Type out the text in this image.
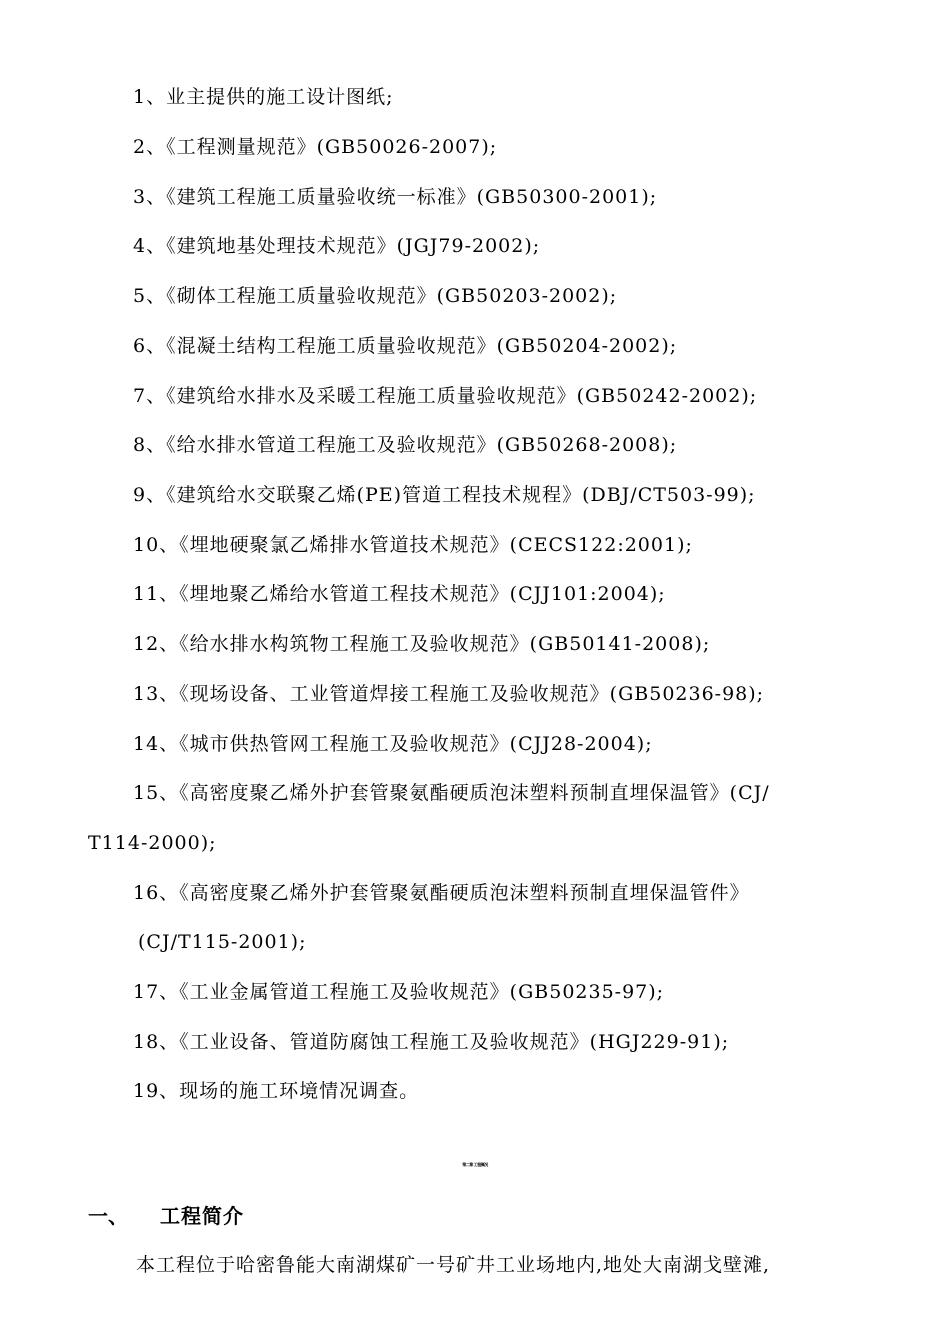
1、业主提供的施工设计图纸;
2、《工程测量规范》(GB50026-2007);
3、《建筑工程施工质量验收统一标准》(GB50300-2001);
4、《建筑地基处理技术规范》(JGJ79-2002);
5、《砌体工程施工质量验收规范》(GB50203-2002);
6、《混凝土结构工程施工质量验收规范》(GB50204-2002);
7、《建筑给水排水及采暖工程施工质量验收规范》(GB50242-2002);
8、《给水排水管道工程施工及验收规范》(GB50268-2008);
9、《建筑给水交联聚乙烯(PE)管道工程技术规程》(DBJ/CT503-99);
10、《埋地硬聚氯乙烯排水管道技术规范》(CECS122:2001);
11、《埋地聚乙烯给水管道工程技术规范》(CJJ101:2004);
12、《给水排水构筑物工程施工及验收规范》(GB50141-2008);
13、《现场设备、工业管道焊接工程施工及验收规范》(GB50236-98);
14、《城市供热管网工程施工及验收规范》(CJJ28-2004);
15、《高密度聚乙烯外护套管聚氨酯硬质泡沫塑料预制直埋保温管》(CJ/
T114-2000);
16、《高密度聚乙烯外护套管聚氨酯硬质泡沫塑料预制直埋保温管件》
(CJ/T115-2001);
17、《工业金属管道工程施工及验收规范》(GB50235-97);
18、《工业设备、管道防腐蚀工程施工及验收规范》(HGJ229-91);
19、现场的施工环境情况调查。
第二章 工程概况
一、 工程简介
本工程位于哈密鲁能大南湖煤矿一号矿井工业场地内,地处大南湖戈壁滩,
